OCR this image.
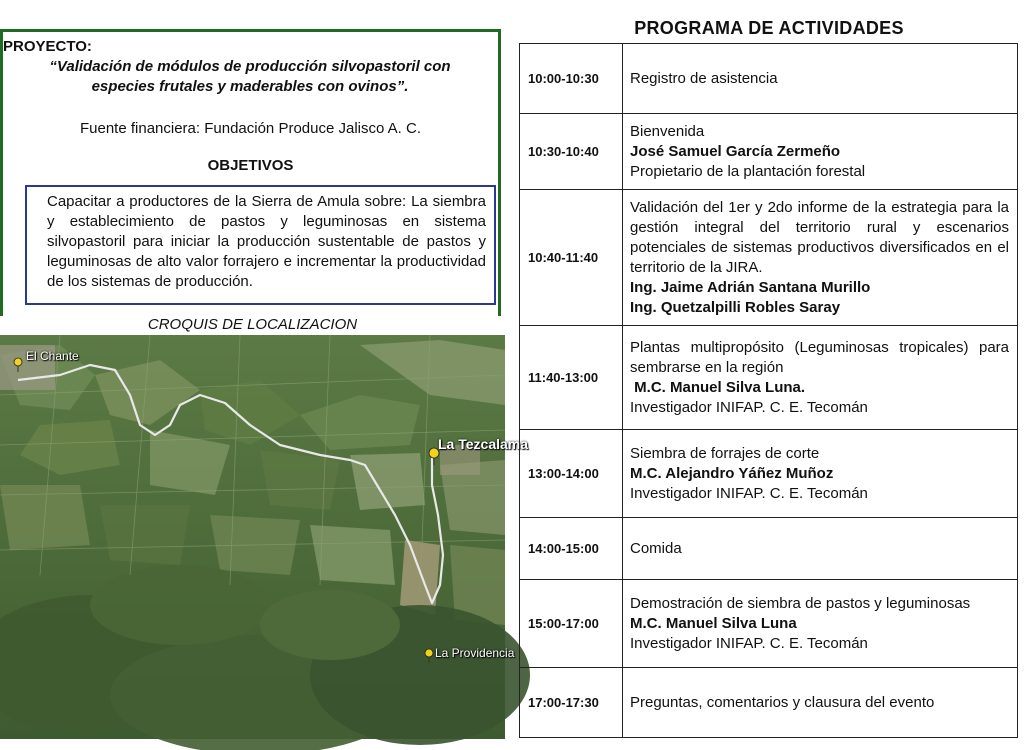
PROYECTO:
“Validación de módulos de producción silvopastoril con especies frutales y maderables con ovinos”.
Fuente financiera: Fundación Produce Jalisco A. C.
OBJETIVOS
Capacitar a productores de la Sierra de Amula sobre: La siembra y establecimiento de pastos y leguminosas en sistema silvopastoril para iniciar la producción sustentable de pastos y leguminosas de alto valor forrajero e incrementar la productividad de los sistemas de producción.
CROQUIS DE LOCALIZACION
El Chante
La Tezcalama
La Providencia
PROGRAMA DE ACTIVIDADES
10:00-10:30	Registro de asistencia

10:30-10:40	Bienvenida
José Samuel García Zermeño
Propietario de la plantación forestal

10:40-11:40	Validación del 1er y 2do informe de la estrategia para la gestión integral del territorio rural y escenarios potenciales de sistemas productivos diversificados en el territorio de la JIRA.
Ing. Jaime Adrián Santana Murillo
Ing. Quetzalpilli Robles Saray

11:40-13:00	Plantas multipropósito (Leguminosas tropicales) para sembrarse en la región
M.C. Manuel Silva Luna.
Investigador INIFAP. C. E. Tecomán

13:00-14:00	Siembra de forrajes de corte
M.C. Alejandro Yáñez Muñoz
Investigador INIFAP. C. E. Tecomán

14:00-15:00	Comida

15:00-17:00	Demostración de siembra de pastos y leguminosas
M.C. Manuel Silva Luna
Investigador INIFAP. C. E. Tecomán

17:00-17:30	Preguntas, comentarios y clausura del evento
